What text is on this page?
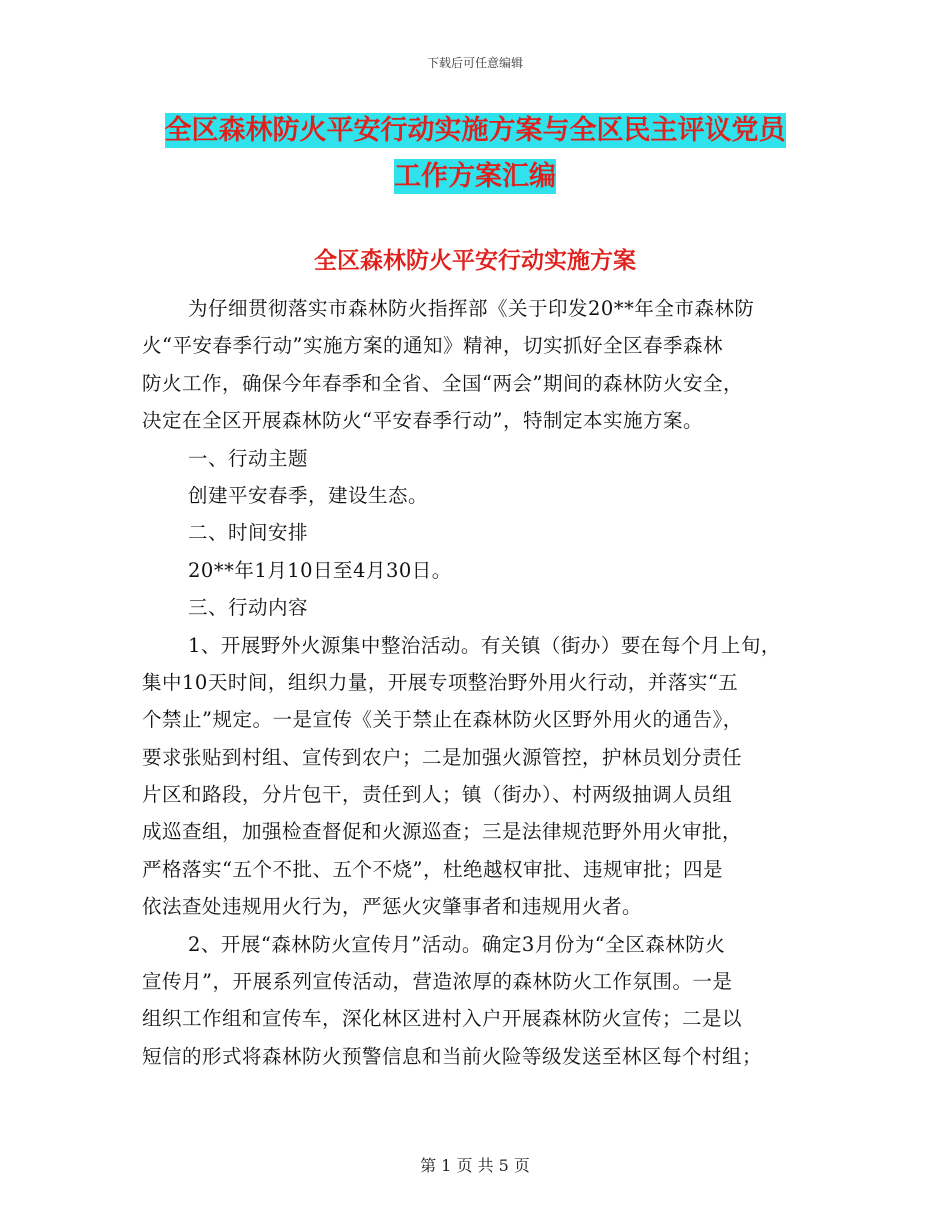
下载后可任意编辑
全区森林防火平安行动实施方案与全区民主评议党员
工作方案汇编
全区森林防火平安行动实施方案
为仔细贯彻落实市森林防火指挥部《关于印发20**年全市森林防
火“平安春季行动”实施方案的通知》精神，切实抓好全区春季森林
防火工作，确保今年春季和全省、全国“两会”期间的森林防火安全，
决定在全区开展森林防火“平安春季行动”，特制定本实施方案。
一、行动主题
创建平安春季，建设生态。
二、时间安排
20**年1月10日至4月30日。
三、行动内容
1、开展野外火源集中整治活动。有关镇（街办）要在每个月上旬，
集中10天时间，组织力量，开展专项整治野外用火行动，并落实“五
个禁止”规定。一是宣传《关于禁止在森林防火区野外用火的通告》，
要求张贴到村组、宣传到农户；二是加强火源管控，护林员划分责任
片区和路段，分片包干，责任到人；镇（街办）、村两级抽调人员组
成巡查组，加强检查督促和火源巡查；三是法律规范野外用火审批，
严格落实“五个不批、五个不烧”，杜绝越权审批、违规审批；四是
依法查处违规用火行为，严惩火灾肇事者和违规用火者。
2、开展“森林防火宣传月”活动。确定3月份为“全区森林防火
宣传月”，开展系列宣传活动，营造浓厚的森林防火工作氛围。一是
组织工作组和宣传车，深化林区进村入户开展森林防火宣传；二是以
短信的形式将森林防火预警信息和当前火险等级发送至林区每个村组；
第 1 页 共 5 页
